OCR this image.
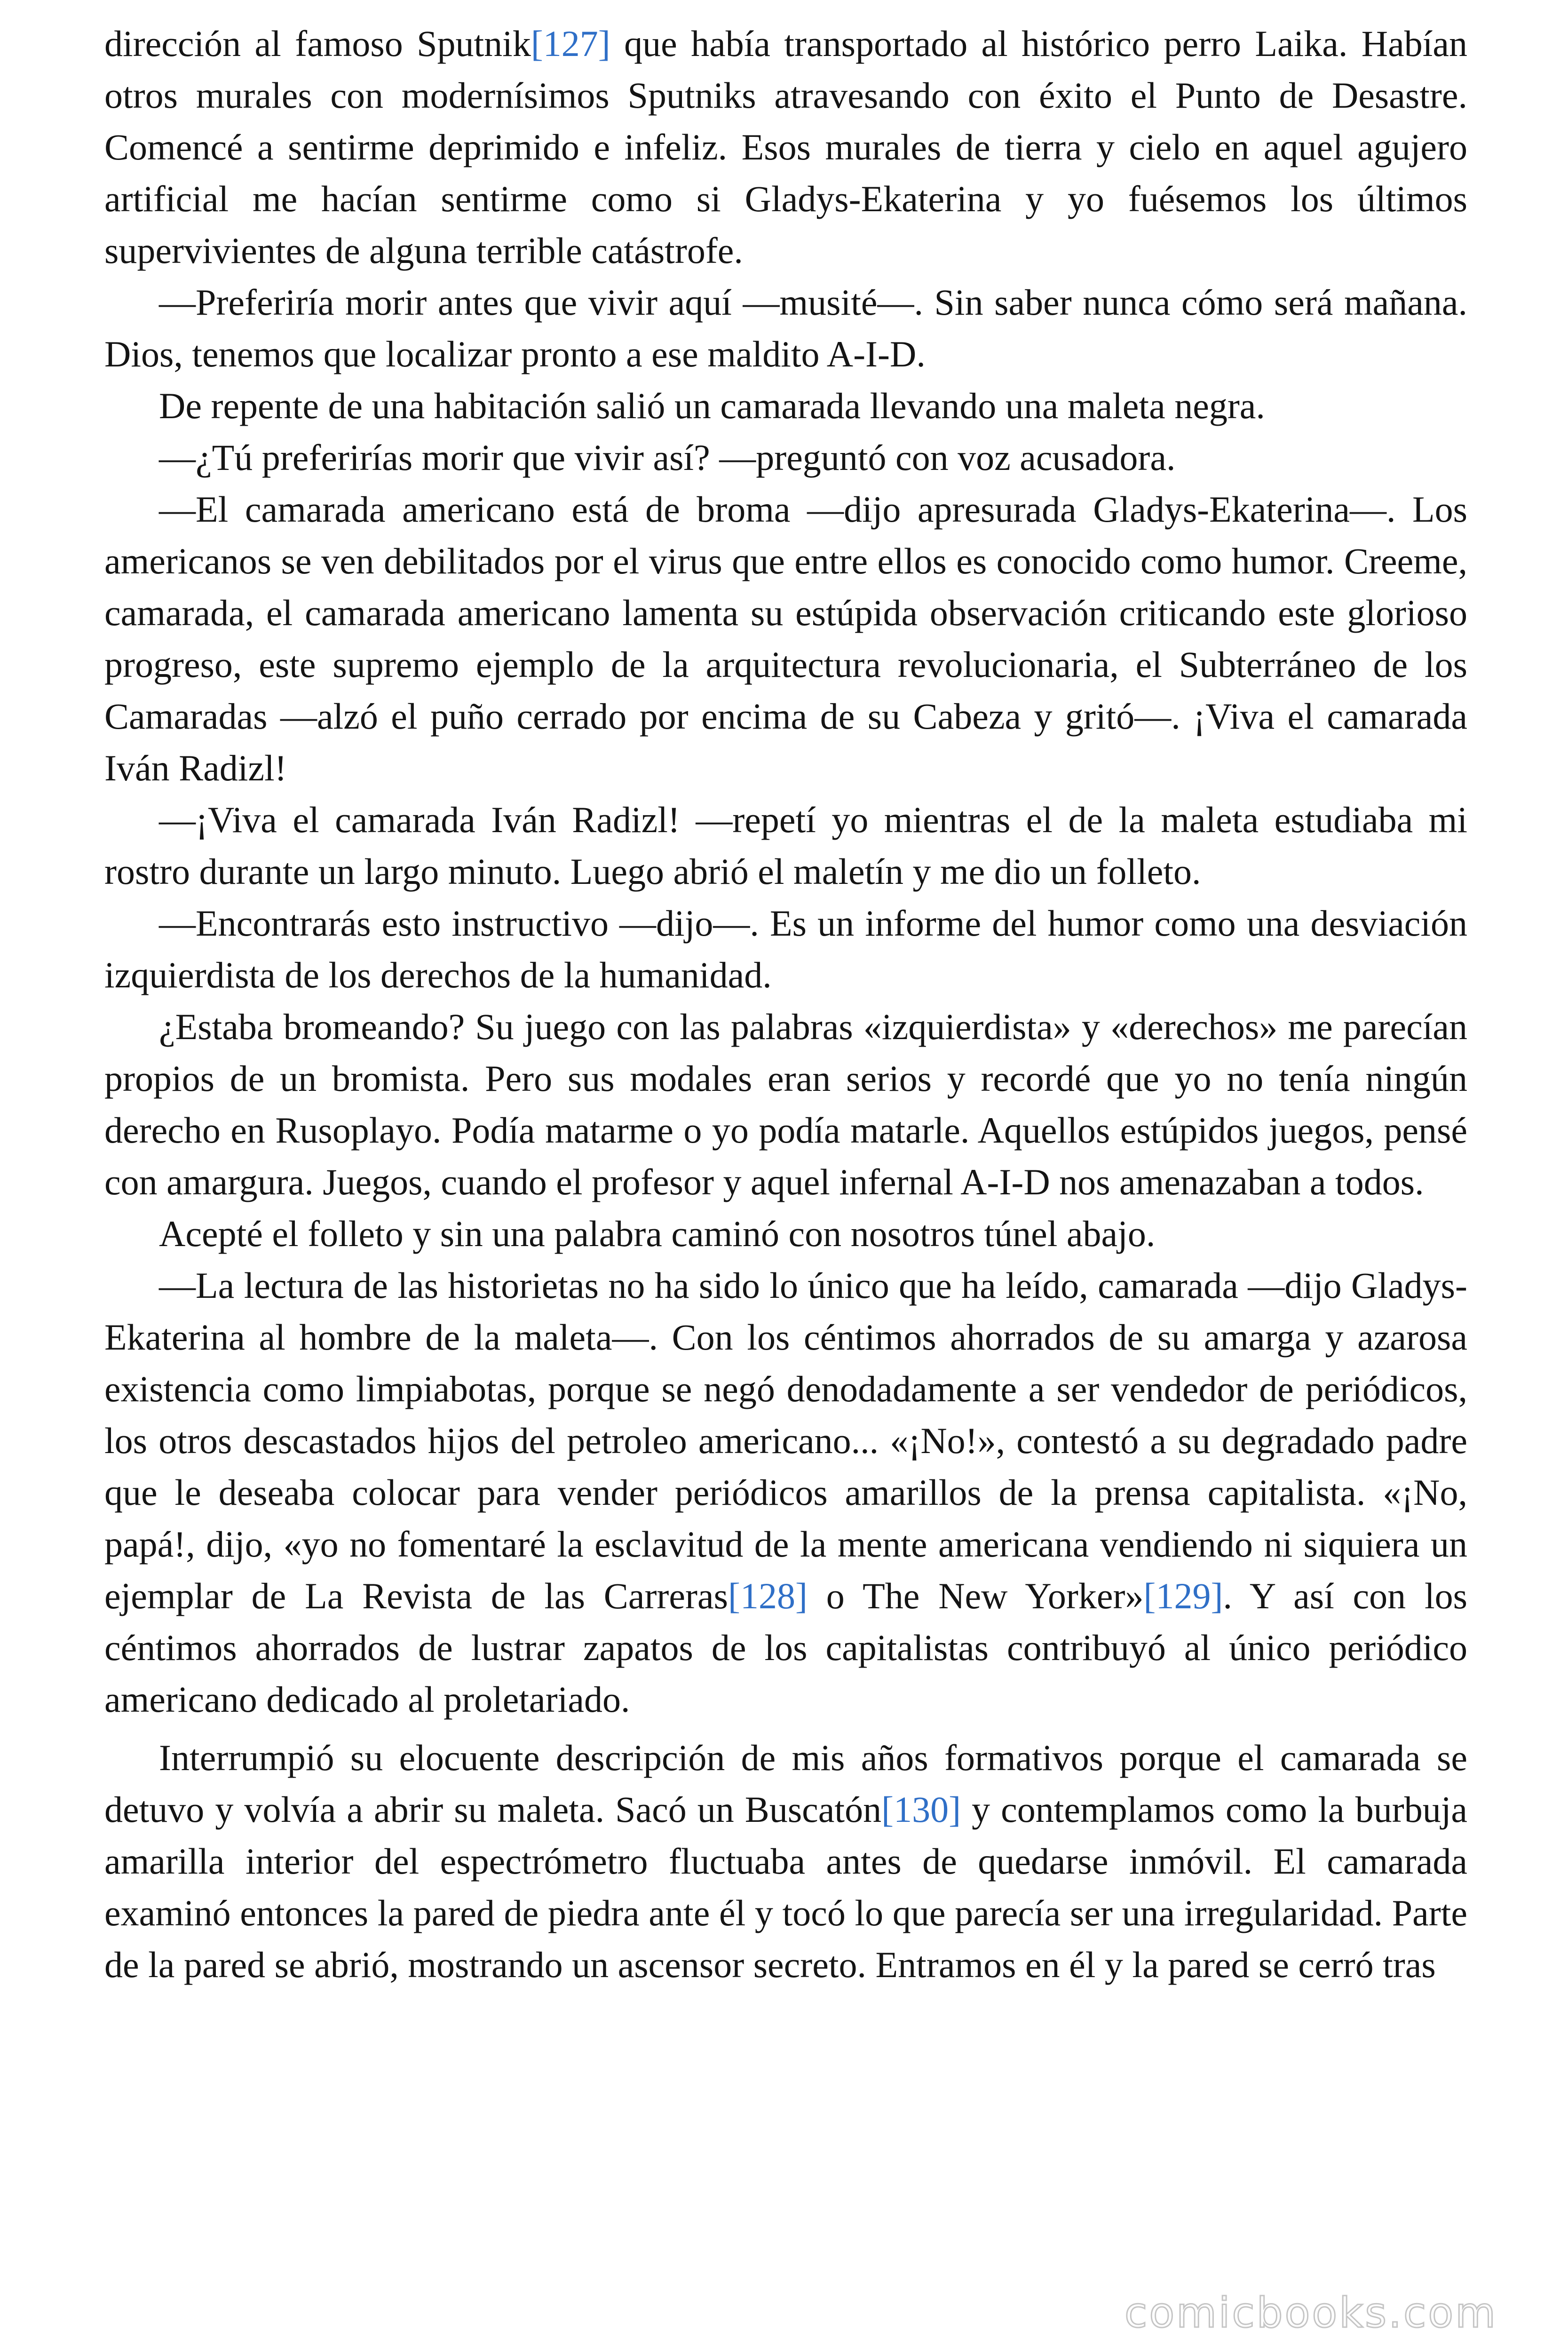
dirección al famoso Sputnik[127] que había transportado al histórico perro Laika. Habían otros murales con modernísimos Sputniks atravesando con éxito el Punto de Desastre. Comencé a sentirme deprimido e infeliz. Esos murales de tierra y cielo en aquel agujero artificial me hacían sentirme como si Gladys-Ekaterina y yo fuésemos los últimos supervivientes de alguna terrible catástrofe.

—Preferiría morir antes que vivir aquí —musité—. Sin saber nunca cómo será mañana. Dios, tenemos que localizar pronto a ese maldito A-I-D.

De repente de una habitación salió un camarada llevando una maleta negra.

—¿Tú preferirías morir que vivir así? —preguntó con voz acusadora.

—El camarada americano está de broma —dijo apresurada Gladys-Ekaterina—. Los americanos se ven debilitados por el virus que entre ellos es conocido como humor. Creeme, camarada, el camarada americano lamenta su estúpida observación criticando este glorioso progreso, este supremo ejemplo de la arquitectura revolucionaria, el Subterráneo de los Camaradas —alzó el puño cerrado por encima de su Cabeza y gritó—. ¡Viva el camarada Iván Radizl!

—¡Viva el camarada Iván Radizl! —repetí yo mientras el de la maleta estudiaba mi rostro durante un largo minuto. Luego abrió el maletín y me dio un folleto.

—Encontrarás esto instructivo —dijo—. Es un informe del humor como una desviación izquierdista de los derechos de la humanidad.

¿Estaba bromeando? Su juego con las palabras «izquierdista» y «derechos» me parecían propios de un bromista. Pero sus modales eran serios y recordé que yo no tenía ningún derecho en Rusoplayo. Podía matarme o yo podía matarle. Aquellos estúpidos juegos, pensé con amargura. Juegos, cuando el profesor y aquel infernal A-I-D nos amenazaban a todos.

Acepté el folleto y sin una palabra caminó con nosotros túnel abajo.

—La lectura de las historietas no ha sido lo único que ha leído, camarada —dijo Gladys-Ekaterina al hombre de la maleta—. Con los céntimos ahorrados de su amarga y azarosa existencia como limpiabotas, porque se negó denodadamente a ser vendedor de periódicos, los otros descastados hijos del petroleo americano... «¡No!», contestó a su degradado padre que le deseaba colocar para vender periódicos amarillos de la prensa capitalista. «¡No, papá!, dijo, «yo no fomentaré la esclavitud de la mente americana vendiendo ni siquiera un ejemplar de La Revista de las Carreras[128] o The New Yorker»[129]. Y así con los céntimos ahorrados de lustrar zapatos de los capitalistas contribuyó al único periódico americano dedicado al proletariado.

Interrumpió su elocuente descripción de mis años formativos porque el camarada se detuvo y volvía a abrir su maleta. Sacó un Buscatón[130] y contemplamos como la burbuja amarilla interior del espectrómetro fluctuaba antes de quedarse inmóvil. El camarada examinó entonces la pared de piedra ante él y tocó lo que parecía ser una irregularidad. Parte de la pared se abrió, mostrando un ascensor secreto. Entramos en él y la pared se cerró tras

comicbooks.com
